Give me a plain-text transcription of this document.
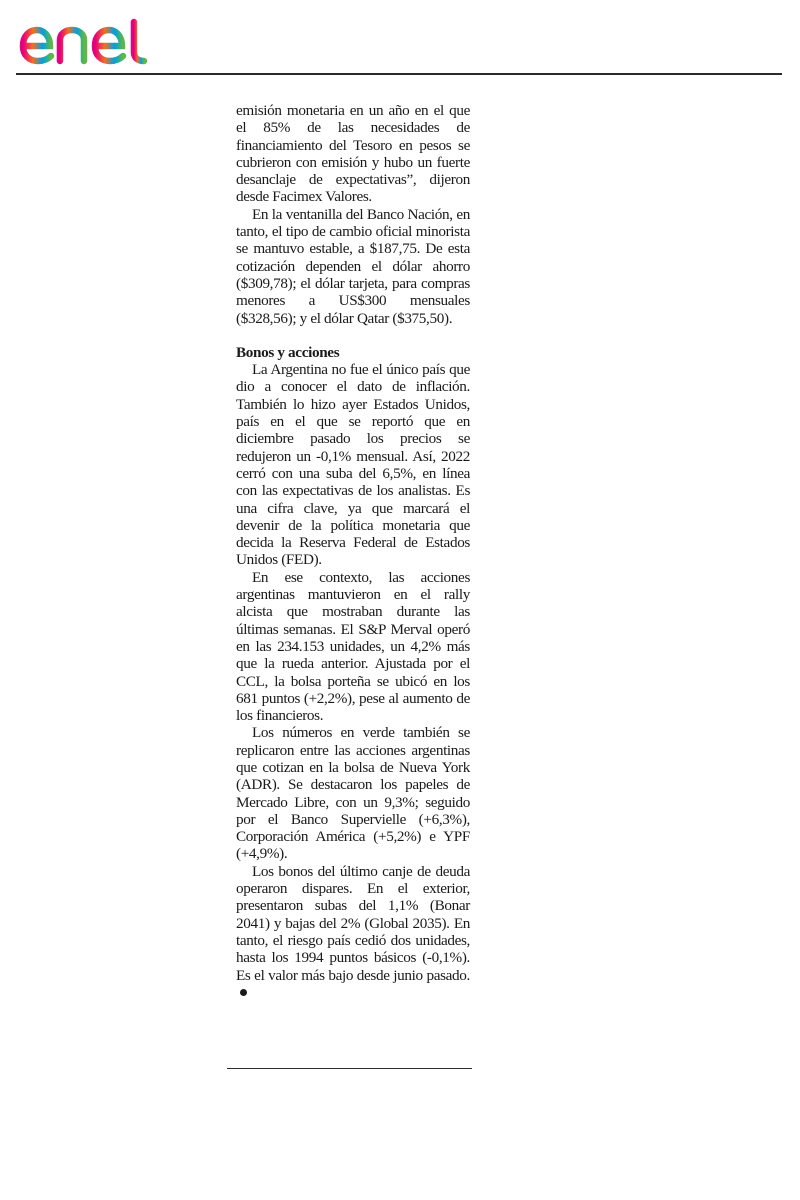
emisión monetaria en un año en el que el 85% de las necesidades de financiamiento del Tesoro en pesos se cubrieron con emisión y hubo un fuerte desanclaje de expectativas”, dijeron desde Facimex Valores.

En la ventanilla del Banco Nación, en tanto, el tipo de cambio oficial minorista se mantuvo estable, a $187,75. De esta cotización dependen el dólar ahorro ($309,78); el dólar tarjeta, para compras menores a US$300 mensuales ($328,56); y el dólar Qatar ($375,50).

Bonos y acciones

La Argentina no fue el único país que dio a conocer el dato de inflación. También lo hizo ayer Estados Unidos, país en el que se reportó que en diciembre pasado los precios se redujeron un -0,1% mensual. Así, 2022 cerró con una suba del 6,5%, en línea con las expectativas de los analistas. Es una cifra clave, ya que marcará el devenir de la política monetaria que decida la Reserva Federal de Estados Unidos (FED).

En ese contexto, las acciones argentinas mantuvieron en el rally alcista que mostraban durante las últimas semanas. El S&P Merval operó en las 234.153 unidades, un 4,2% más que la rueda anterior. Ajustada por el CCL, la bolsa porteña se ubicó en los 681 puntos (+2,2%), pese al aumento de los financieros.

Los números en verde también se replicaron entre las acciones argentinas que cotizan en la bolsa de Nueva York (ADR). Se destacaron los papeles de Mercado Libre, con un 9,3%; seguido por el Banco Supervielle (+6,3%), Corporación América (+5,2%) e YPF (+4,9%).

Los bonos del último canje de deuda operaron dispares. En el exterior, presentaron subas del 1,1% (Bonar 2041) y bajas del 2% (Global 2035). En tanto, el riesgo país cedió dos unidades, hasta los 1994 puntos básicos (-0,1%). Es el valor más bajo desde junio pasado.
